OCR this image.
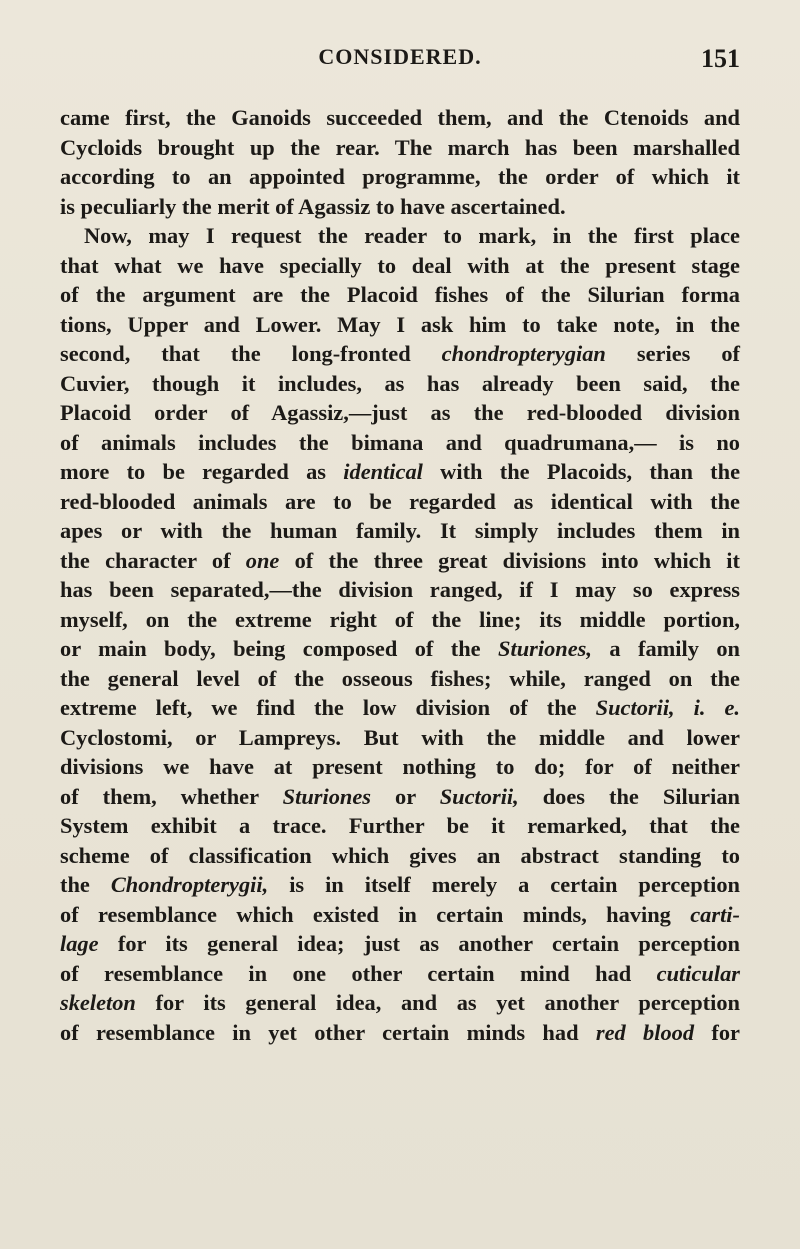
CONSIDERED.	151
came first, the Ganoids succeeded them, and the Ctenoids and
Cycloids brought up the rear. The march has been marshalled
according to an appointed programme, the order of which it
is peculiarly the merit of Agassiz to have ascertained.
Now, may I request the reader to mark, in the first place
that what we have specially to deal with at the present stage
of the argument are the Placoid fishes of the Silurian forma
tions, Upper and Lower. May I ask him to take note, in the
second, that the long-fronted chondropterygian series of
Cuvier, though it includes, as has already been said, the
Placoid order of Agassiz,—just as the red-blooded division
of animals includes the bimana and quadrumana,— is no
more to be regarded as identical with the Placoids, than the
red-blooded animals are to be regarded as identical with the
apes or with the human family. It simply includes them in
the character of one of the three great divisions into which it
has been separated,—the division ranged, if I may so express
myself, on the extreme right of the line; its middle portion,
or main body, being composed of the Sturiones, a family on
the general level of the osseous fishes; while, ranged on the
extreme left, we find the low division of the Suctorii, i. e.
Cyclostomi, or Lampreys. But with the middle and lower
divisions we have at present nothing to do; for of neither
of them, whether Sturiones or Suctorii, does the Silurian
System exhibit a trace. Further be it remarked, that the
scheme of classification which gives an abstract standing to
the Chondropterygii, is in itself merely a certain perception
of resemblance which existed in certain minds, having carti-
lage for its general idea; just as another certain perception
of resemblance in one other certain mind had cuticular
skeleton for its general idea, and as yet another perception
of resemblance in yet other certain minds had red blood for
